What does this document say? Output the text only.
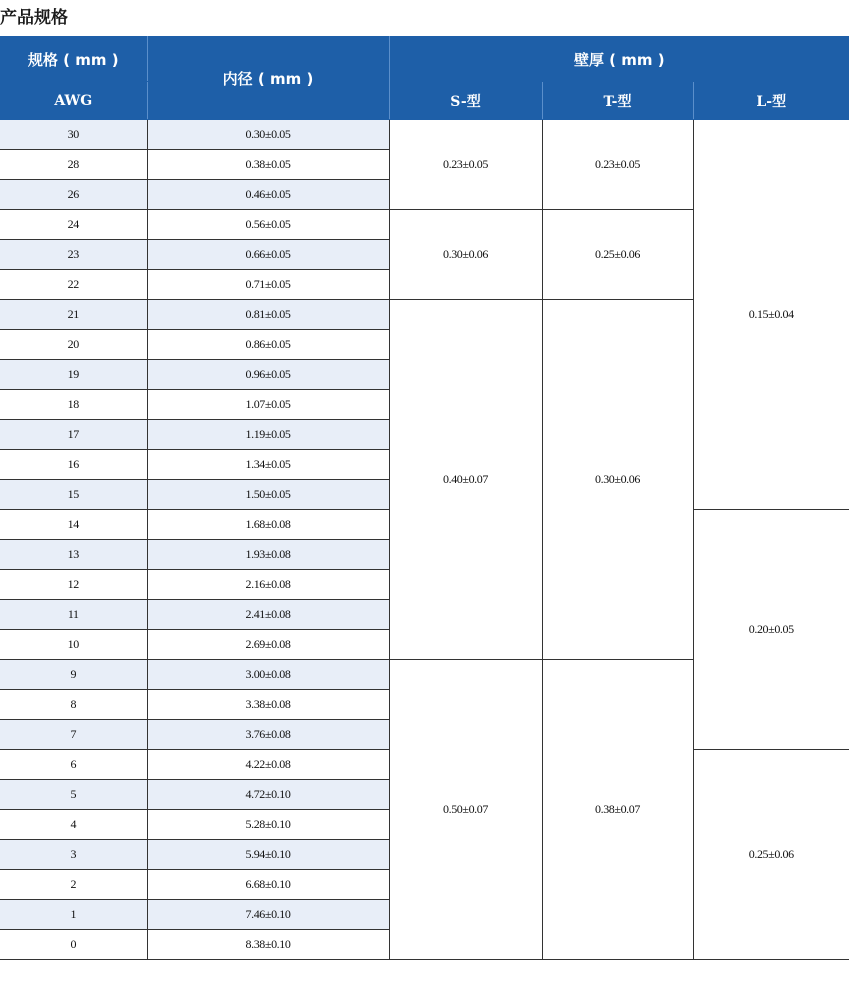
产品规格
规格 ( mm )	内径 ( mm )	壁厚 ( mm )		
AWG		S-型	T-型	L-型
30	0.30±0.05	0.23±0.05	0.23±0.05	0.15±0.04
28	0.38±0.05			
26	0.46±0.05			
24	0.56±0.05	0.30±0.06	0.25±0.06	
23	0.66±0.05			
22	0.71±0.05			
21	0.81±0.05	0.40±0.07	0.30±0.06	
20	0.86±0.05			
19	0.96±0.05			
18	1.07±0.05			
17	1.19±0.05			
16	1.34±0.05			
15	1.50±0.05			
14	1.68±0.08			0.20±0.05
13	1.93±0.08			
12	2.16±0.08			
11	2.41±0.08			
10	2.69±0.08			
9	3.00±0.08	0.50±0.07	0.38±0.07	
8	3.38±0.08			
7	3.76±0.08			
6	4.22±0.08			0.25±0.06
5	4.72±0.10			
4	5.28±0.10			
3	5.94±0.10			
2	6.68±0.10			
1	7.46±0.10			
0	8.38±0.10			
